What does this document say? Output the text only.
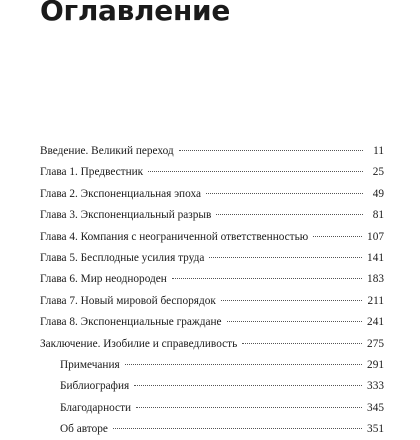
Оглавление
Введение. Великий переход	11
Глава 1. Предвестник	25
Глава 2. Экспоненциальная эпоха	49
Глава 3. Экспоненциальный разрыв	81
Глава 4. Компания с неограниченной ответственностью	107
Глава 5. Бесплодные усилия труда	141
Глава 6. Мир неоднороден	183
Глава 7. Новый мировой беспорядок	211
Глава 8. Экспоненциальные граждане	241
Заключение. Изобилие и справедливость	275
Примечания	291
Библиография	333
Благодарности	345
Об авторе	351
